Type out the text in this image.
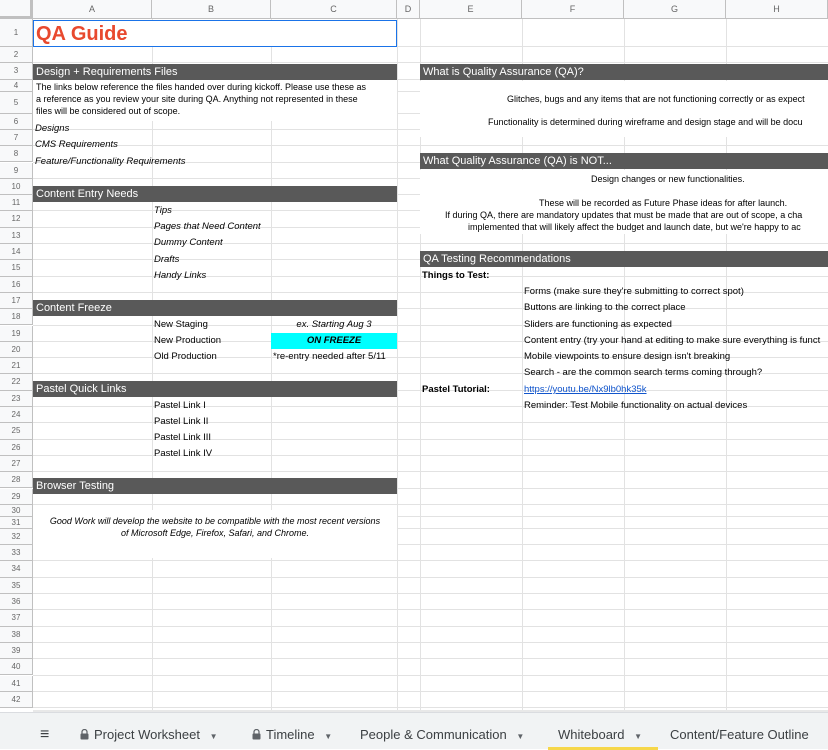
A	B	C	D	E	F	G	H
1
2
3
4
5
6
7
8
9
10
11
12
13
14
15
16
17
18
19
20
21
22
23
24
25
26
27
28
29
30
31
32
33
34
35
36
37
38
39
40
41
42
QA Guide
Design + Requirements Files
The links below reference the files handed over during kickoff. Please use these as
a reference as you review your site during QA. Anything not represented in these
files will be considered out of scope.
Designs
CMS Requirements
Feature/Functionality Requirements
Content Entry Needs
Tips
Pages that Need Content
Dummy Content
Drafts
Handy Links
Content Freeze
New Staging	ex. Starting Aug 3
New Production	ON FREEZE
Old Production	*re-entry needed after 5/11
Pastel Quick Links
Pastel Link I
Pastel Link II
Pastel Link III
Pastel Link IV
Browser Testing
Good Work will develop the website to be compatible with the most recent versions
of Microsoft Edge, Firefox, Safari, and Chrome.
What is Quality Assurance (QA)?
Glitches, bugs and any items that are not functioning correctly or as expect
Functionality is determined during wireframe and design stage and will be docu
What Quality Assurance (QA) is NOT...
Design changes or new functionalities.
These will be recorded as Future Phase ideas for after launch.
If during QA, there are mandatory updates that must be made that are out of scope, a cha
implemented that will likely affect the budget and launch date, but we're happy to ac
QA Testing Recommendations
Things to Test:
Forms (make sure they're submitting to correct spot)
Buttons are linking to the correct place
Sliders are functioning as expected
Content entry (try your hand at editing to make sure everything is funct
Mobile viewpoints to ensure design isn't breaking
Search - are the common search terms coming through?
Pastel Tutorial:	https://youtu.be/Nx9lb0hk35k
Reminder: Test Mobile functionality on actual devices
≡	Project Worksheet ▼	Timeline ▼	People & Communication ▼	Whiteboard ▼	Content/Feature Outline
